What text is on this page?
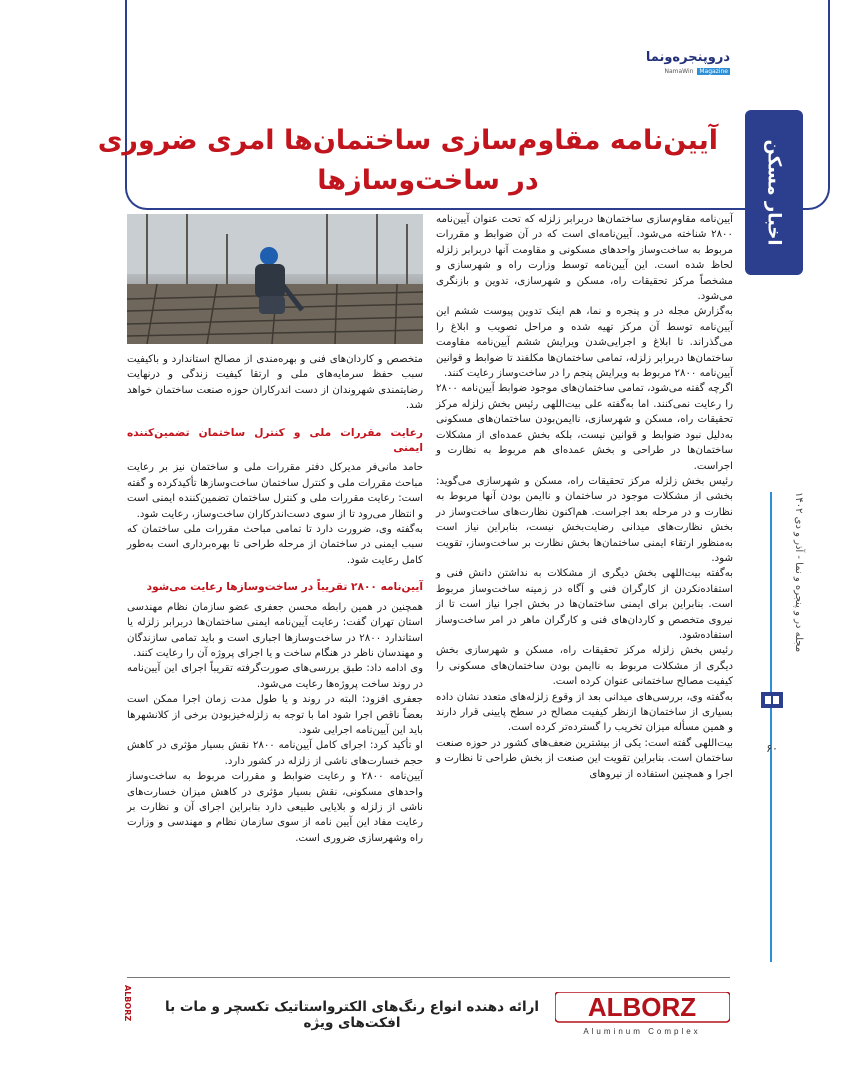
دروپنجره‌ونما
NamaWin Magazine
اخبار مسکن
آیین‌نامه مقاوم‌سازی ساختمان‌ها امری ضروری
در ساخت‌وسازها

آیین‌نامه مقاوم‌سازی ساختمان‌ها دربرابر زلزله که تحت عنوان آیین‌نامه ۲۸۰۰ شناخته می‌شود. آیین‌نامه‌ای است که در آن ضوابط و مقررات مربوط به ساخت‌وساز واحدهای مسکونی و مقاومت آنها دربرابر زلزله لحاظ شده است. این آیین‌نامه توسط وزارت راه و شهرسازی و مشخصاً مرکز تحقیقات راه، مسکن و شهرسازی، تدوین و بازنگری می‌شود.

به‌گزارش مجله در و پنجره و نما، هم اینک تدوین پیوست ششم این آیین‌نامه توسط آن مرکز تهیه شده و مراحل تصویب و ابلاغ را می‌گذراند. تا ابلاغ و اجرایی‌شدن ویرایش ششم آیین‌نامه مقاومت ساختمان‌ها دربرابر زلزله، تمامی ساختمان‌ها مکلفند تا ضوابط و قوانین آیین‌نامه ۲۸۰۰ مربوط به ویرایش پنجم را در ساخت‌وساز رعایت کنند.

اگرچه گفته می‌شود، تمامی ساختمان‌های موجود ضوابط آیین‌نامه ۲۸۰۰ را رعایت نمی‌کنند. اما به‌گفته علی بیت‌اللهی رئیس بخش زلزله مرکز تحقیقات راه، مسکن و شهرسازی، ناایمن‌بودن ساختمان‌های مسکونی به‌دلیل نبود ضوابط و قوانین نیست، بلکه بخش عمده‌ای از مشکلات ساختمان‌ها در طراحی و بخش عمده‌ای هم مربوط به نظارت و اجراست.

رئیس بخش زلزله مرکز تحقیقات راه، مسکن و شهرسازی می‌گوید: بخشی از مشکلات موجود در ساختمان و ناایمن بودن آنها مربوط به نظارت و در مرحله بعد اجراست. هم‌اکنون نظارت‌های ساخت‌وساز در بخش نظارت‌های میدانی رضایت‌بخش نیست، بنابراین نیاز است به‌منظور ارتقاء ایمنی ساختمان‌ها بخش نظارت بر ساخت‌وساز، تقویت شود.

به‌گفته بیت‌اللهی بخش دیگری از مشکلات به نداشتن دانش فنی و استفاده‌نکردن از کارگران فنی و آگاه در زمینه ساخت‌وساز مربوط است. بنابراین برای ایمنی ساختمان‌ها در بخش اجرا نیاز است تا از نیروی متخصص و کاردان‌های فنی و کارگران ماهر در امر ساخت‌وساز استفاده‌شود.

رئیس بخش زلزله مرکز تحقیقات راه، مسکن و شهرسازی بخش دیگری از مشکلات مربوط به ناایمن بودن ساختمان‌های مسکونی را کیفیت مصالح ساختمانی عنوان کرده است.

به‌گفته وی، بررسی‌های میدانی بعد از وقوع زلزله‌های متعدد نشان داده بسیاری از ساختمان‌ها ازنظر کیفیت مصالح در سطح پایینی قرار دارند و همین مسأله میزان تخریب را گسترده‌تر کرده است.

بیت‌اللهی گفته است: یکی از بیشترین ضعف‌های کشور در حوزه صنعت ساختمان است. بنابراین تقویت این صنعت از بخش طراحی تا نظارت و اجرا و همچنین استفاده از نیروهای

متخصص و کاردان‌های فنی و بهره‌مندی از مصالح استاندارد و باکیفیت سبب حفظ سرمایه‌های ملی و ارتقا کیفیت زندگی و درنهایت رضایتمندی شهروندان از دست اندرکاران حوزه صنعت ساختمان خواهد شد.

رعایت مقررات ملی و کنترل ساختمان تضمین‌کننده ایمنی

حامد مانی‌فر مدیرکل دفتر مقررات ملی و ساختمان نیز بر رعایت مباحث مقررات ملی و کنترل ساختمان ساخت‌وسازها تأکیدکرده و گفته است: رعایت مقررات ملی و کنترل ساختمان تضمین‌کننده ایمنی است و انتظار می‌رود تا از سوی دست‌اندرکاران ساخت‌وساز، رعایت شود.

به‌گفته وی، ضرورت دارد تا تمامی مباحث مقررات ملی ساختمان که سبب ایمنی در ساختمان از مرحله طراحی تا بهره‌برداری است به‌طور کامل رعایت شود.

آیین‌نامه ۲۸۰۰ تقریباً در ساخت‌وسازها رعایت می‌شود

همچنین در همین رابطه محسن جعفری عضو سازمان نظام مهندسی استان تهران گفت: رعایت آیین‌نامه ایمنی ساختمان‌ها دربرابر زلزله یا استاندارد ۲۸۰۰ در ساخت‌وسازها اجباری است و باید تمامی سازندگان و مهندسان ناظر در هنگام ساخت و یا اجرای پروژه آن را رعایت کنند.

وی ادامه داد: طبق بررسی‌های صورت‌گرفته تقریباً اجرای این آیین‌نامه در روند ساخت پروژه‌ها رعایت می‌شود.

جعفری افزود: البته در روند و یا طول مدت زمان اجرا ممکن است بعضاً ناقص اجرا شود اما با توجه به زلزله‌خیزبودن برخی از کلانشهرها باید این آیین‌نامه اجرایی شود.

او تأکید کرد: اجرای کامل آیین‌نامه ۲۸۰۰ نقش بسیار مؤثری در کاهش حجم خسارت‌های ناشی از زلزله در کشور دارد.

آیین‌نامه ۲۸۰۰ و رعایت ضوابط و مقررات مربوط به ساخت‌وساز واحدهای مسکونی، نقش بسیار مؤثری در کاهش میزان خسارت‌های ناشی از زلزله و بلایایی طبیعی دارد بنابراین اجرای آن و نظارت بر رعایت مفاد این آیین نامه از سوی سازمان نظام و مهندسی و وزارت راه وشهرسازی ضروری است.

مجله در و پنجره و نما - آذر و دی ۱۴۰۲
۶۰
ALBORZ
Aluminum Complex
ارائه دهنده انواع رنگ‌های الکترواستاتیک تکسچر و مات با افکت‌های ویژه
ALBORZ
